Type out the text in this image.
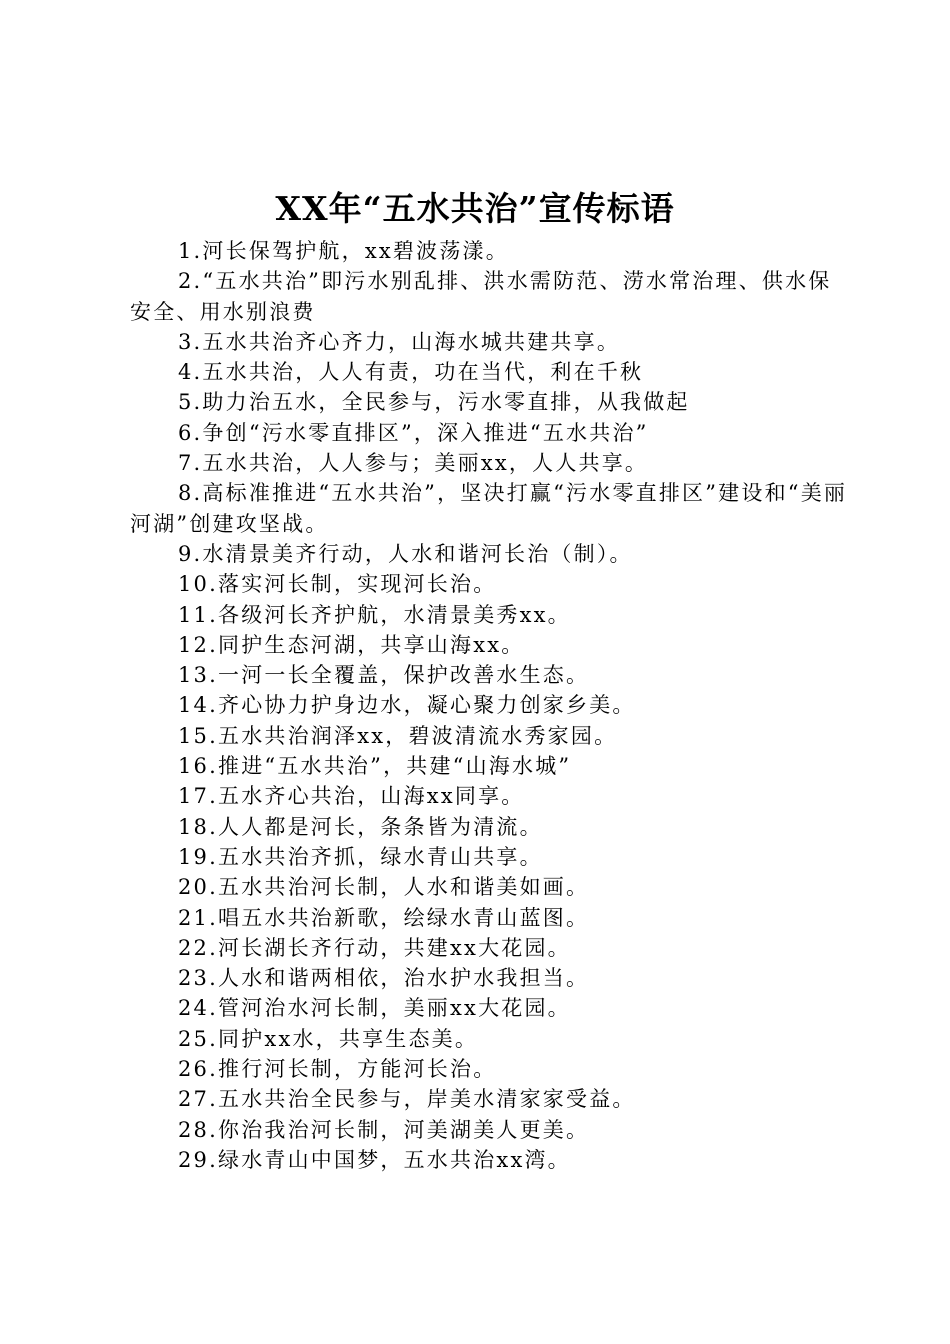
XX年“五水共治”宣传标语
1.河长保驾护航，xx碧波荡漾。
2.“五水共治”即污水别乱排、洪水需防范、涝水常治理、供水保安全、用水别浪费
3.五水共治齐心齐力，山海水城共建共享。
4.五水共治，人人有责，功在当代，利在千秋
5.助力治五水，全民参与，污水零直排，从我做起
6.争创“污水零直排区”，深入推进“五水共治”
7.五水共治，人人参与；美丽xx，人人共享。
8.高标准推进“五水共治”，坚决打赢“污水零直排区”建设和“美丽河湖”创建攻坚战。
9.水清景美齐行动，人水和谐河长治（制）。
10.落实河长制，实现河长治。
11.各级河长齐护航，水清景美秀xx。
12.同护生态河湖，共享山海xx。
13.一河一长全覆盖，保护改善水生态。
14.齐心协力护身边水，凝心聚力创家乡美。
15.五水共治润泽xx，碧波清流水秀家园。
16.推进“五水共治”，共建“山海水城”
17.五水齐心共治，山海xx同享。
18.人人都是河长，条条皆为清流。
19.五水共治齐抓，绿水青山共享。
20.五水共治河长制，人水和谐美如画。
21.唱五水共治新歌，绘绿水青山蓝图。
22.河长湖长齐行动，共建xx大花园。
23.人水和谐两相依，治水护水我担当。
24.管河治水河长制，美丽xx大花园。
25.同护xx水，共享生态美。
26.推行河长制，方能河长治。
27.五水共治全民参与，岸美水清家家受益。
28.你治我治河长制，河美湖美人更美。
29.绿水青山中国梦，五水共治xx湾。
